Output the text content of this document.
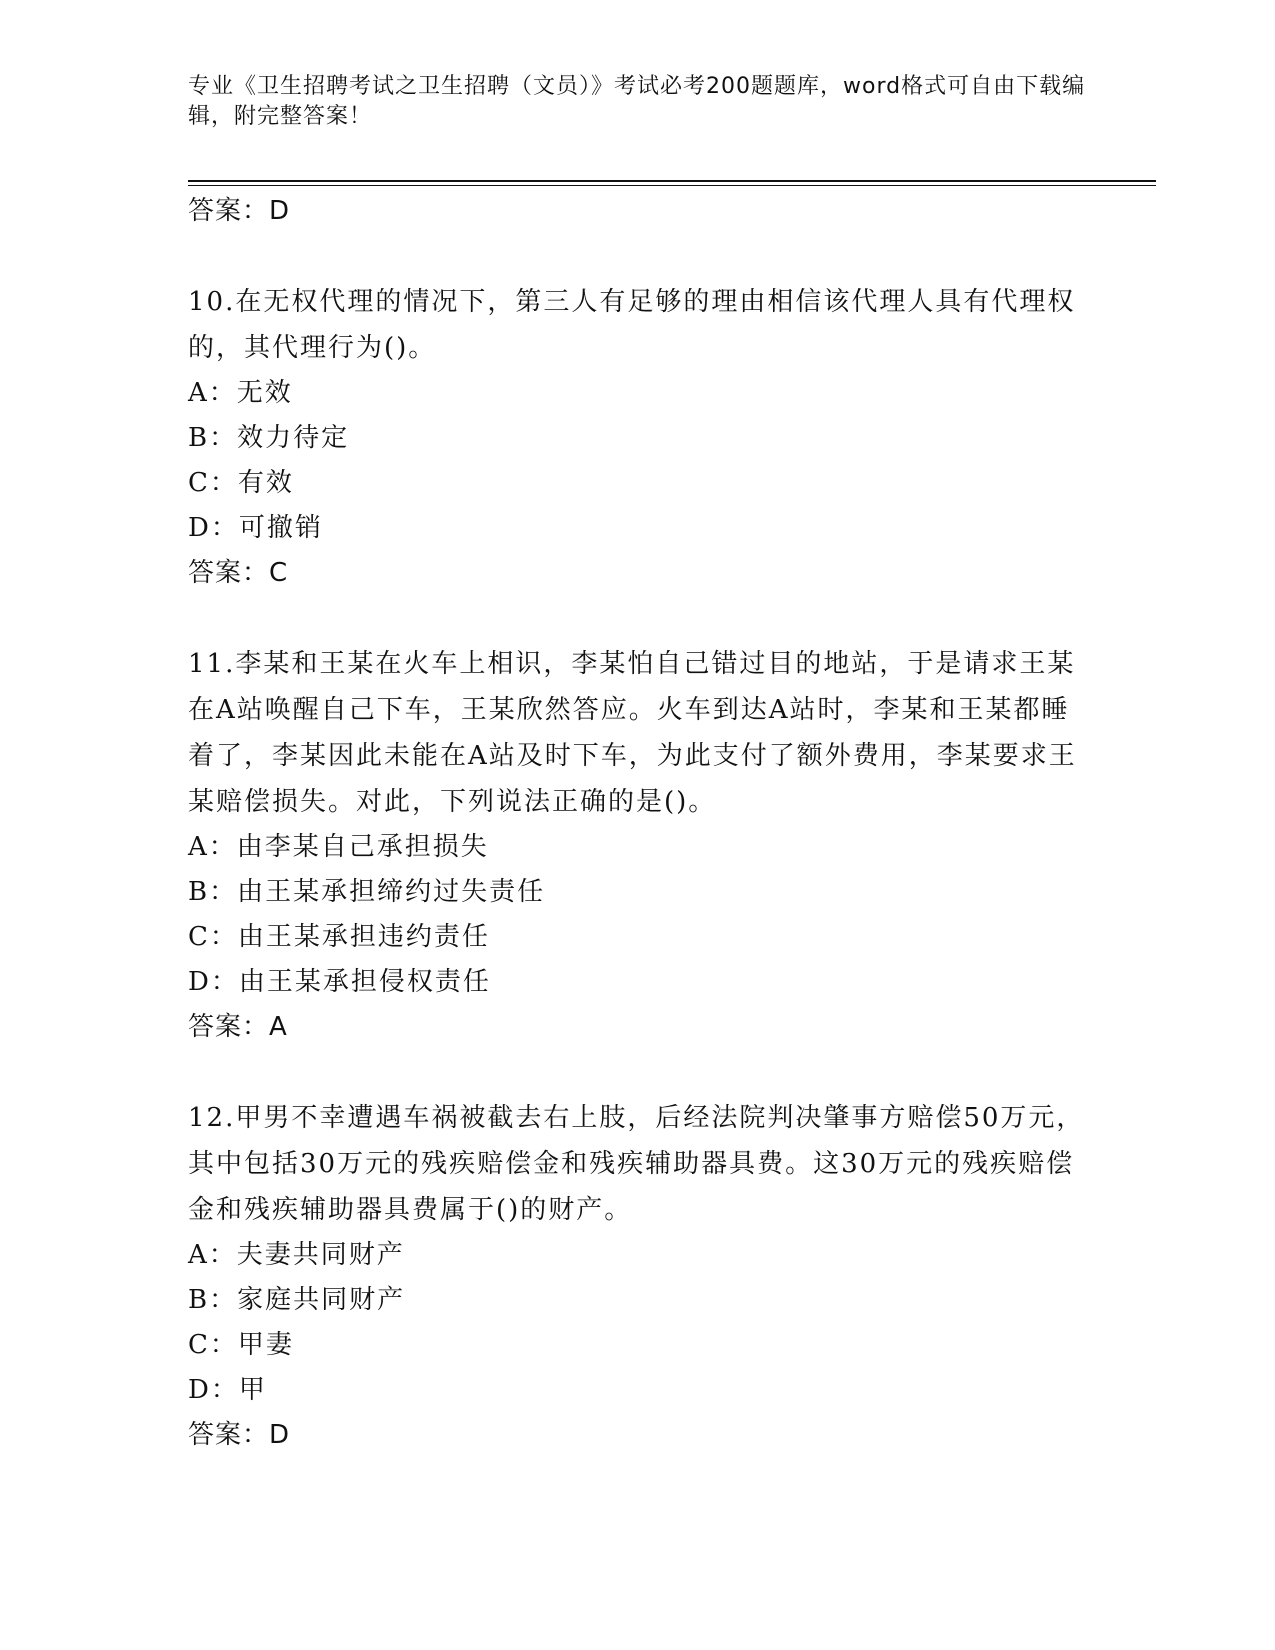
专业《卫生招聘考试之卫生招聘（文员）》考试必考200题题库，word格式可自由下载编辑，附完整答案！
答案：D
10.在无权代理的情况下，第三人有足够的理由相信该代理人具有代理权的，其代理行为()。
A：无效
B：效力待定
C：有效
D：可撤销
答案：C
11.李某和王某在火车上相识，李某怕自己错过目的地站，于是请求王某在A站唤醒自己下车，王某欣然答应。火车到达A站时，李某和王某都睡着了，李某因此未能在A站及时下车，为此支付了额外费用，李某要求王某赔偿损失。对此，下列说法正确的是()。
A：由李某自己承担损失
B：由王某承担缔约过失责任
C：由王某承担违约责任
D：由王某承担侵权责任
答案：A
12.甲男不幸遭遇车祸被截去右上肢，后经法院判决肇事方赔偿50万元，其中包括30万元的残疾赔偿金和残疾辅助器具费。这30万元的残疾赔偿金和残疾辅助器具费属于()的财产。
A：夫妻共同财产
B：家庭共同财产
C：甲妻
D：甲
答案：D
